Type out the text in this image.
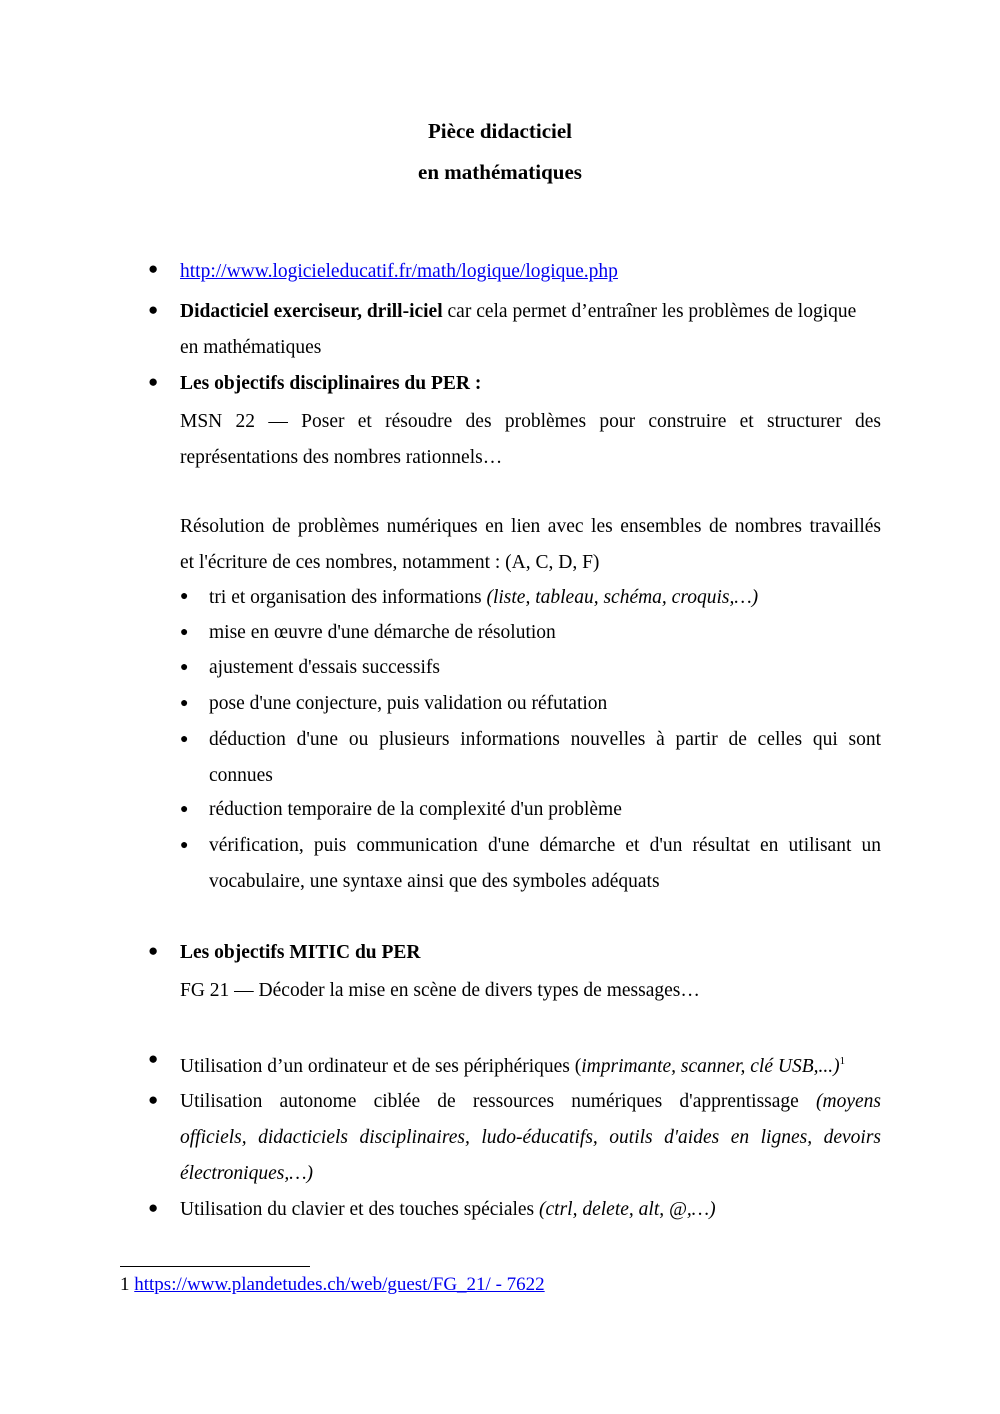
Pièce didacticiel
en mathématiques
● http://www.logicieleducatif.fr/math/logique/logique.php
● Didacticiel exerciseur, drill-iciel car cela permet d’entraîner les problèmes de logique
en mathématiques
● Les objectifs disciplinaires du PER :
MSN 22 — Poser et résoudre des problèmes pour construire et structurer des
représentations des nombres rationnels…
Résolution de problèmes numériques en lien avec les ensembles de nombres travaillés
et l'écriture de ces nombres, notamment : (A, C, D, F)
● tri et organisation des informations (liste, tableau, schéma, croquis,…)
● mise en œuvre d'une démarche de résolution
● ajustement d'essais successifs
● pose d'une conjecture, puis validation ou réfutation
● déduction d'une ou plusieurs informations nouvelles à partir de celles qui sont
connues
● réduction temporaire de la complexité d'un problème
● vérification, puis communication d'une démarche et d'un résultat en utilisant un
vocabulaire, une syntaxe ainsi que des symboles adéquats
● Les objectifs MITIC du PER
FG 21 — Décoder la mise en scène de divers types de messages…
● Utilisation d’un ordinateur et de ses périphériques (imprimante, scanner, clé USB,...)$^1$
● Utilisation autonome ciblée de ressources numériques d'apprentissage (moyens
officiels, didacticiels disciplinaires, ludo-éducatifs, outils d'aides en lignes, devoirs
électroniques,…)
● Utilisation du clavier et des touches spéciales (ctrl, delete, alt, @,…)
1 https://www.plandetudes.ch/web/guest/FG_21/ - 7622
